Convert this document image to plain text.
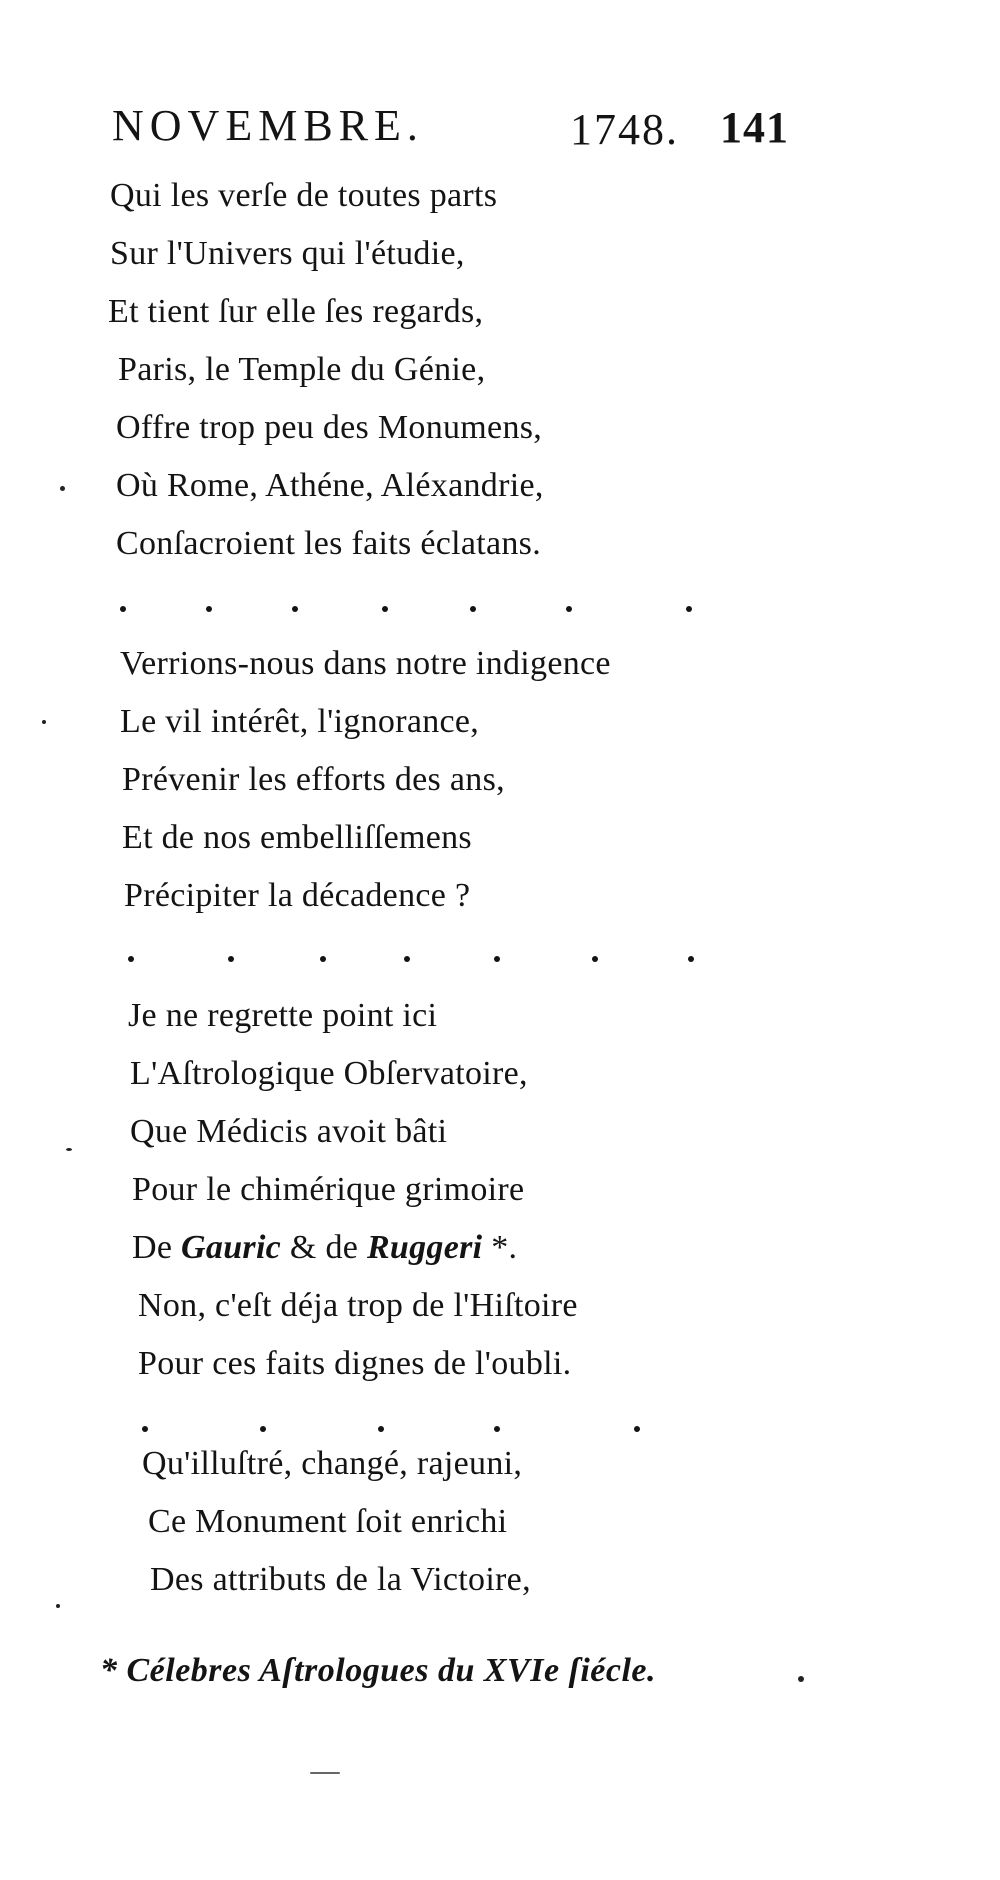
NOVEMBRE.	1748. 141
Qui les verſe de toutes parts
Sur l'Univers qui l'étudie,
Et tient ſur elle ſes regards,
Paris, le Temple du Génie,
Offre trop peu des Monumens,
Où Rome, Athéne, Aléxandrie,
Conſacroient les faits éclatans.
Verrions-nous dans notre indigence
Le vil intérêt, l'ignorance,
Prévenir les efforts des ans,
Et de nos embelliſſemens
Précipiter la décadence ?
Je ne regrette point ici
L'Aſtrologique Obſervatoire,
Que Médicis avoit bâti
Pour le chimérique grimoire
De Gauric & de Ruggeri *.
Non, c'eſt déja trop de l'Hiſtoire
Pour ces faits dignes de l'oubli.
Qu'illuſtré, changé, rajeuni,
Ce Monument ſoit enrichi
Des attributs de la Victoire,
* Célebres Aſtrologues du XVIe ſiécle.
